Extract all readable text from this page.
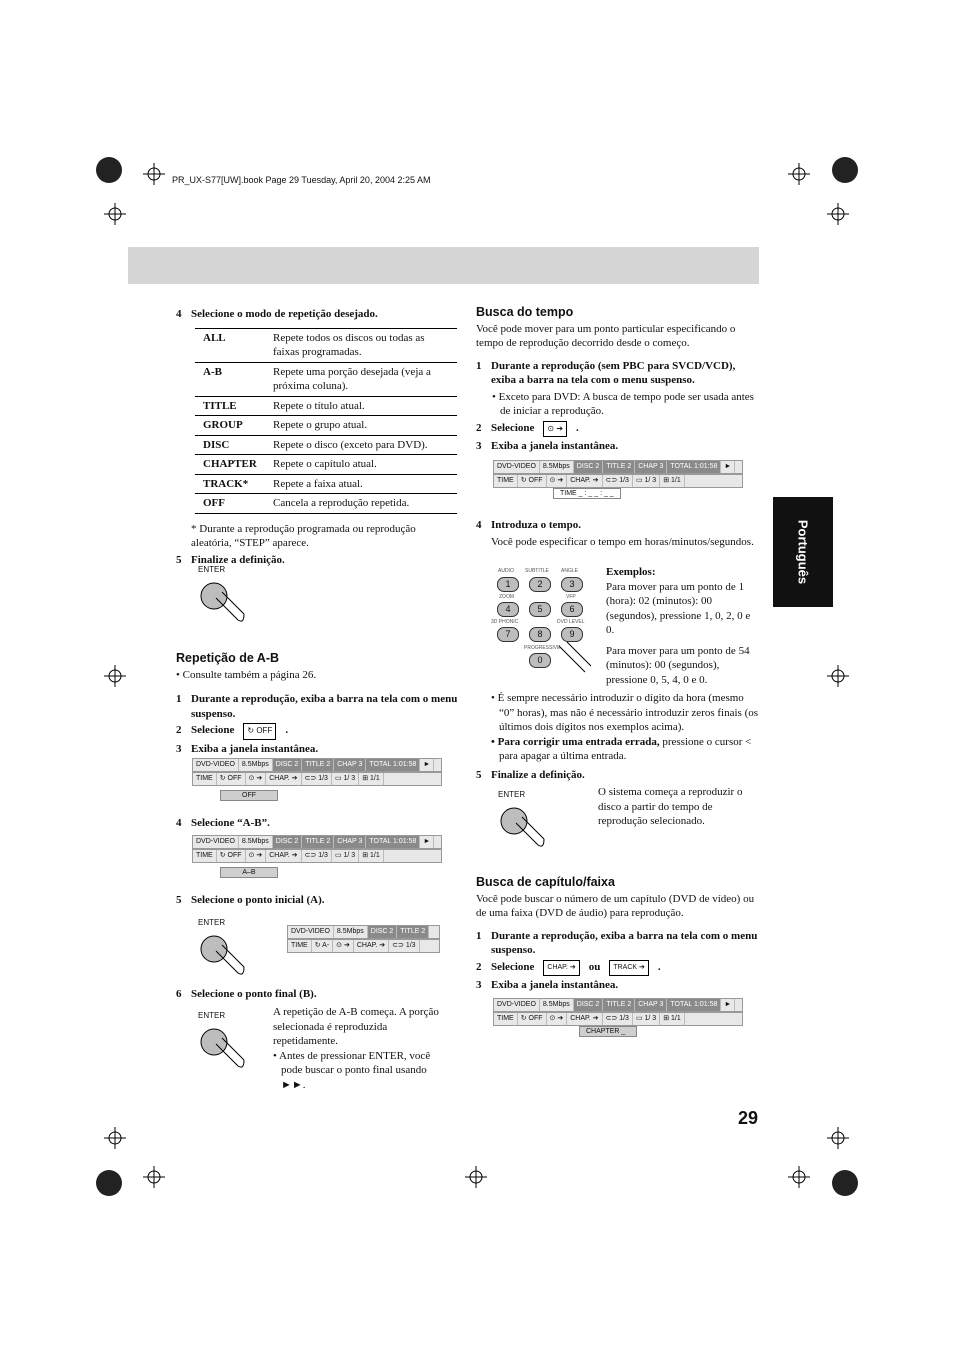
PR_UX-S77[UW].book Page 29 Tuesday, April 20, 2004 2:25 AM
Português
29
4 Selecione o modo de repetição desejado.
ALL	Repete todos os discos ou todas as faixas programadas.
A-B	Repete uma porção desejada (veja a próxima coluna).
TITLE	Repete o título atual.
GROUP	Repete o grupo atual.
DISC	Repete o disco (exceto para DVD).
CHAPTER	Repete o capítulo atual.
TRACK*	Repete a faixa atual.
OFF	Cancela a reprodução repetida.
* Durante a reprodução programada ou reprodução aleatória, “STEP” aparece.
5 Finalize a definição.
ENTER
Repetição de A-B
• Consulte também a página 26.
1 Durante a reprodução, exiba a barra na tela com o menu suspenso.
2 Selecione	↻ OFF	.
3 Exiba a janela instantânea.
DVD-VIDEO	8.5Mbps	DISC 2	TITLE 2	CHAP 3	TOTAL 1:01:58	►
TIME	↻ OFF	⊙ ➔	CHAP. ➔	⊂⊃ 1/3	▭ 1/ 3	⊞ 1/1
OFF
4 Selecione “A-B”.
DVD-VIDEO	8.5Mbps	DISC 2	TITLE 2	CHAP 3	TOTAL 1:01:58	►
TIME	↻ OFF	⊙ ➔	CHAP. ➔	⊂⊃ 1/3	▭ 1/ 3	⊞ 1/1
A–B
5 Selecione o ponto inicial (A).
ENTER
DVD-VIDEO	8.5Mbps	DISC 2	TITLE 2
TIME	↻ A-	⊙ ➔	CHAP. ➔	⊂⊃ 1/3
6 Selecione o ponto final (B).
ENTER	A repetição de A-B começa. A porção selecionada é reproduzida repetidamente.
• Antes de pressionar ENTER, você pode buscar o ponto final usando ►►.
Busca do tempo
Você pode mover para um ponto particular especificando o tempo de reprodução decorrido desde o começo.
1 Durante a reprodução (sem PBC para SVCD/VCD), exiba a barra na tela com o menu suspenso.
• Exceto para DVD: A busca de tempo pode ser usada antes de iniciar a reprodução.
2 Selecione	⊙ ➔	.
3 Exiba a janela instantânea.
DVD-VIDEO	8.5Mbps	DISC 2	TITLE 2	CHAP 3	TOTAL 1:01:58	►
TIME	↻ OFF	⊙ ➔	CHAP. ➔	⊂⊃ 1/3	▭ 1/ 3	⊞ 1/1
TIME _ : _ _ : _ _
4 Introduza o tempo.
Você pode especificar o tempo em horas/minutos/segundos.
AUDIO SUBTITLE ANGLE
1	2	3
ZOOM	VFP
4	5	6
3D PHONIC	DVD LEVEL
7	8	9
PROGRESSIVE
0
Exemplos:
Para mover para um ponto de 1 (hora): 02 (minutos): 00 (segundos), pressione 1, 0, 2, 0 e 0.
Para mover para um ponto de 54 (minutos): 00 (segundos), pressione 0, 5, 4, 0 e 0.
• É sempre necessário introduzir o dígito da hora (mesmo “0” horas), mas não é necessário introduzir zeros finais (os últimos dois dígitos nos exemplos acima).
• Para corrigir uma entrada errada, pressione o cursor < para apagar a última entrada.
5 Finalize a definição.
ENTER	O sistema começa a reproduzir o disco a partir do tempo de reprodução selecionado.
Busca de capítulo/faixa
Você pode buscar o número de um capítulo (DVD de vídeo) ou de uma faixa (DVD de áudio) para reprodução.
1 Durante a reprodução, exiba a barra na tela com o menu suspenso.
2 Selecione	CHAP. ➔	ou	TRACK ➔	.
3 Exiba a janela instantânea.
DVD-VIDEO	8.5Mbps	DISC 2	TITLE 2	CHAP 3	TOTAL 1:01:58	►
TIME	↻ OFF	⊙ ➔	CHAP. ➔	⊂⊃ 1/3	▭ 1/ 3	⊞ 1/1
CHAPTER _
